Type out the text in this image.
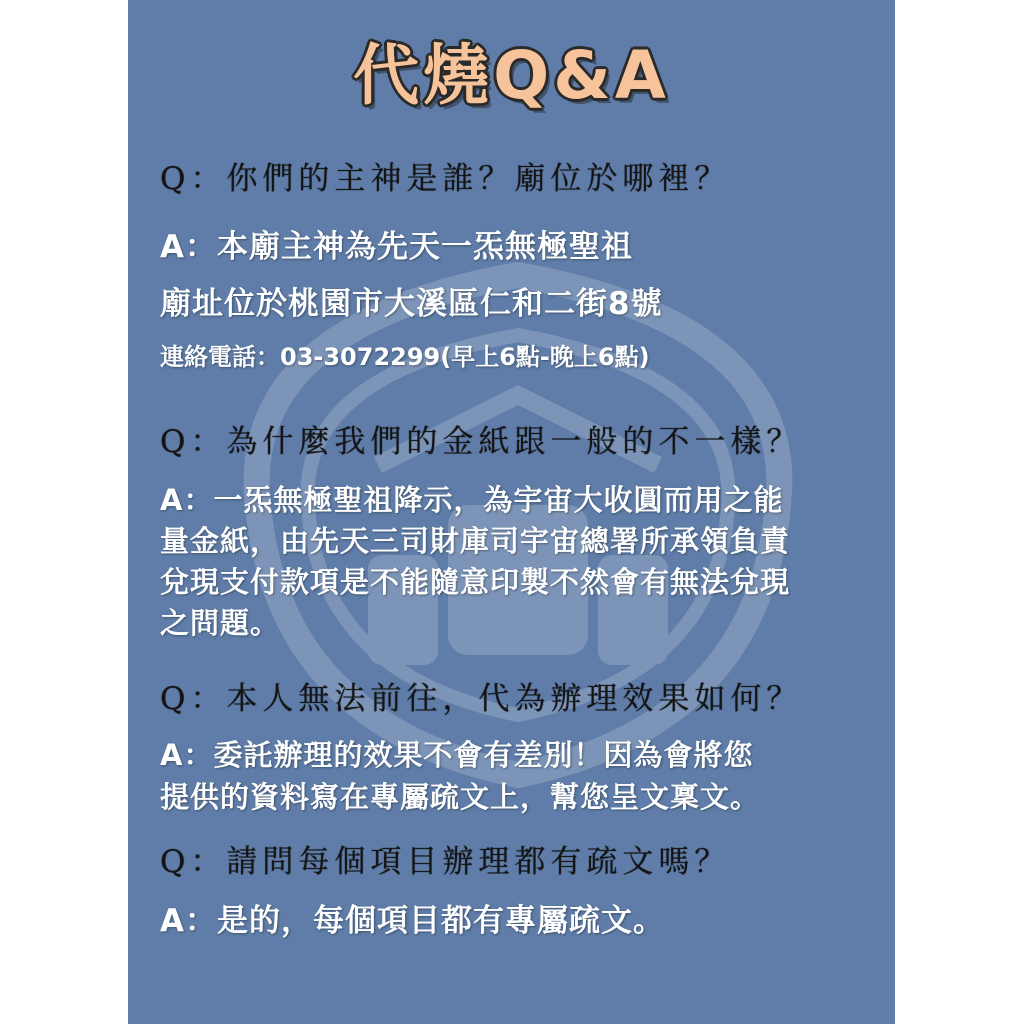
代燒Q&A
Q：你們的主神是誰？廟位於哪裡？
A：本廟主神為先天一炁無極聖祖
廟址位於桃園市大溪區仁和二街8號
連絡電話：03-3072299(早上6點-晚上6點)
Q：為什麼我們的金紙跟一般的不一樣？
A：一炁無極聖祖降示，為宇宙大收圓而用之能
量金紙，由先天三司財庫司宇宙總署所承領負責
兌現支付款項是不能隨意印製不然會有無法兌現
之問題。
Q：本人無法前往，代為辦理效果如何？
A：委託辦理的效果不會有差別！因為會將您
提供的資料寫在專屬疏文上，幫您呈文稟文。
Q：請問每個項目辦理都有疏文嗎？
A：是的，每個項目都有專屬疏文。
